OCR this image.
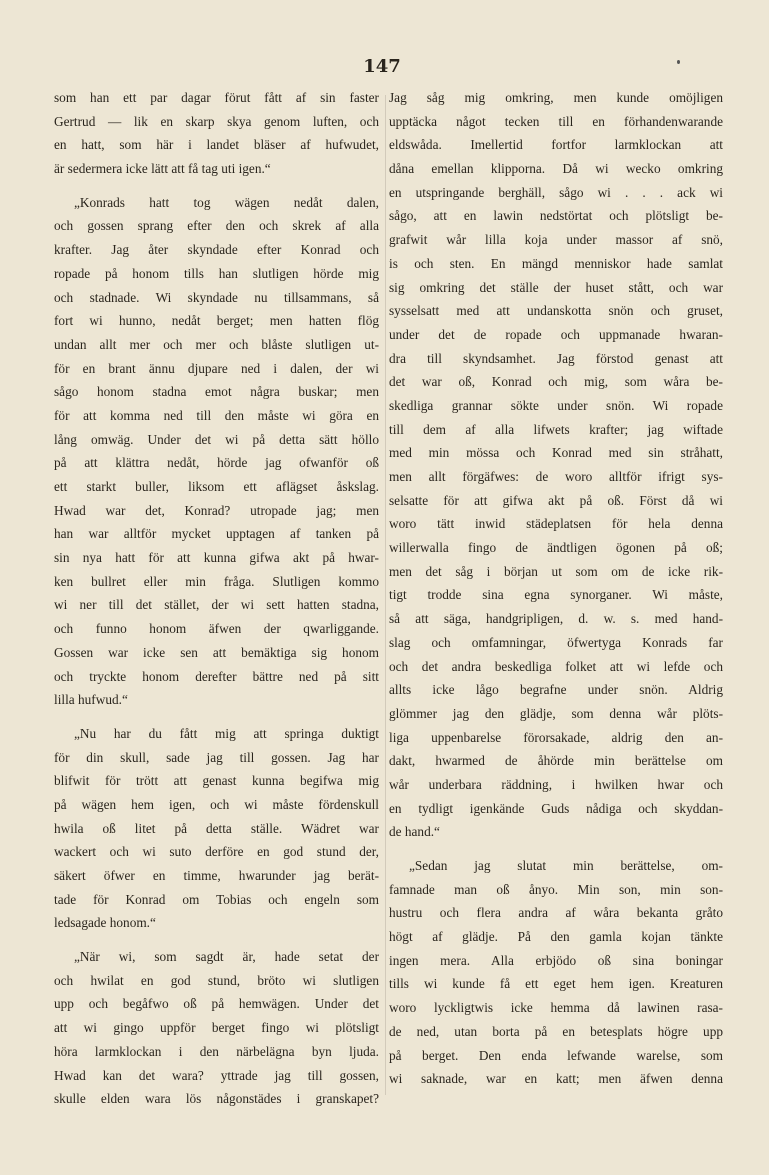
147
som han ett par dagar förut fått af sin faster
Gertrud — lik en skarp skya genom luften, och
en hatt, som här i landet bläser af hufwudet,
är sedermera icke lätt att få tag uti igen.“
„Konrads hatt tog wägen nedåt dalen,
och gossen sprang efter den och skrek af alla
krafter. Jag åter skyndade efter Konrad och
ropade på honom tills han slutligen hörde mig
och stadnade. Wi skyndade nu tillsammans, så
fort wi hunno, nedåt berget; men hatten flög
undan allt mer och mer och blåste slutligen ut-
för en brant ännu djupare ned i dalen, der wi
sågo honom stadna emot några buskar; men
för att komma ned till den måste wi göra en
lång omwäg. Under det wi på detta sätt höllo
på att klättra nedåt, hörde jag ofwanför oß
ett starkt buller, liksom ett aflägset åskslag.
Hwad war det, Konrad? utropade jag; men
han war alltför mycket upptagen af tanken på
sin nya hatt för att kunna gifwa akt på hwar-
ken bullret eller min fråga. Slutligen kommo
wi ner till det stället, der wi sett hatten stadna,
och funno honom äfwen der qwarliggande.
Gossen war icke sen att bemäktiga sig honom
och tryckte honom derefter bättre ned på sitt
lilla hufwud.“
„Nu har du fått mig att springa duktigt
för din skull, sade jag till gossen. Jag har
blifwit för trött att genast kunna begifwa mig
på wägen hem igen, och wi måste fördenskull
hwila oß litet på detta ställe. Wädret war
wackert och wi suto derföre en god stund der,
säkert öfwer en timme, hwarunder jag berät-
tade för Konrad om Tobias och engeln som
ledsagade honom.“
„När wi, som sagdt är, hade setat der
och hwilat en god stund, bröto wi slutligen
upp och begåfwo oß på hemwägen. Under det
att wi gingo uppför berget fingo wi plötsligt
höra larmklockan i den närbelägna byn ljuda.
Hwad kan det wara? yttrade jag till gossen,
skulle elden wara lös någonstädes i granskapet?
Jag såg mig omkring, men kunde omöjligen
upptäcka något tecken till en förhandenwarande
eldswåda. Imellertid fortfor larmklockan att
dåna emellan klipporna. Då wi wecko omkring
en utspringande berghäll, sågo wi . . . ack wi
sågo, att en lawin nedstörtat och plötsligt be-
grafwit wår lilla koja under massor af snö,
is och sten. En mängd menniskor hade samlat
sig omkring det ställe der huset stått, och war
sysselsatt med att undanskotta snön och gruset,
under det de ropade och uppmanade hwaran-
dra till skyndsamhet. Jag förstod genast att
det war oß, Konrad och mig, som wåra be-
skedliga grannar sökte under snön. Wi ropade
till dem af alla lifwets krafter; jag wiftade
med min mössa och Konrad med sin stråhatt,
men allt förgäfwes: de woro alltför ifrigt sys-
selsatte för att gifwa akt på oß. Först då wi
woro tätt inwid städeplatsen för hela denna
willerwalla fingo de ändtligen ögonen på oß;
men det såg i början ut som om de icke rik-
tigt trodde sina egna synorganer. Wi måste,
så att säga, handgripligen, d. w. s. med hand-
slag och omfamningar, öfwertyga Konrads far
och det andra beskedliga folket att wi lefde och
allts icke lågo begrafne under snön. Aldrig
glömmer jag den glädje, som denna wår plöts-
liga uppenbarelse förorsakade, aldrig den an-
dakt, hwarmed de åhörde min berättelse om
wår underbara räddning, i hwilken hwar och
en tydligt igenkände Guds nådiga och skyddan-
de hand.“
„Sedan jag slutat min berättelse, om-
famnade man oß ånyo. Min son, min son-
hustru och flera andra af wåra bekanta gråto
högt af glädje. På den gamla kojan tänkte
ingen mera. Alla erbjödo oß sina boningar
tills wi kunde få ett eget hem igen. Kreaturen
woro lyckligtwis icke hemma då lawinen rasa-
de ned, utan borta på en betesplats högre upp
på berget. Den enda lefwande warelse, som
wi saknade, war en katt; men äfwen denna
